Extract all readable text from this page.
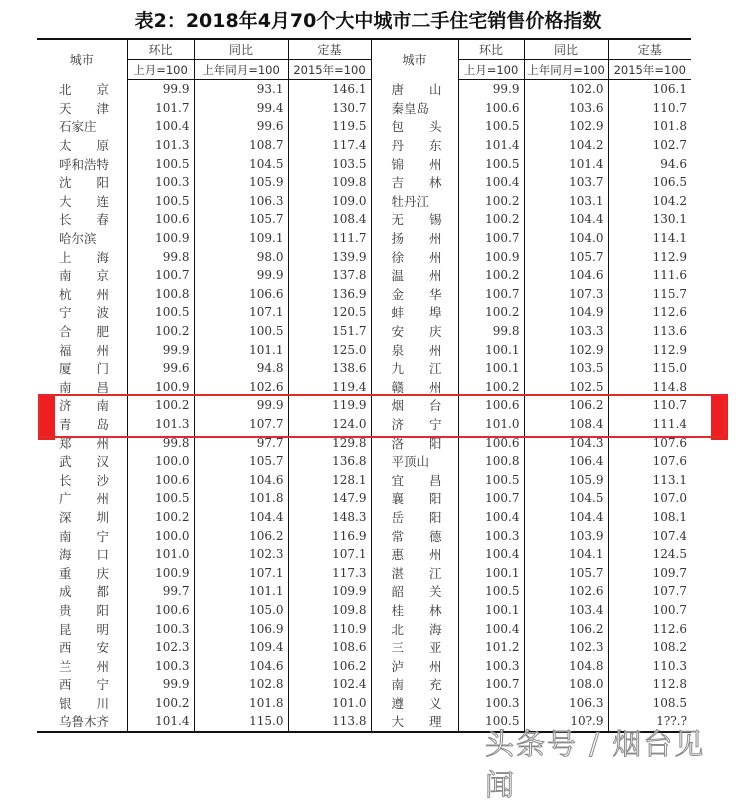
表2：2018年4月70个大中城市二手住宅销售价格指数
城市	环比	同比	定基	城市	环比	同比	定基
	上月=100	上年同月=100	2015年=100		上月=100	上年同月=100	2015年=100
北　　京	99.9	93.1	146.1	唐　　山	99.9	102.0	106.1
天　　津	101.7	99.4	130.7	秦皇岛	100.6	103.6	110.7
石家庄	100.4	99.6	119.5	包　　头	100.5	102.9	101.8
太　　原	101.3	108.7	117.4	丹　　东	101.4	104.2	102.7
呼和浩特	100.5	104.5	103.5	锦　　州	100.5	101.4	94.6
沈　　阳	100.3	105.9	109.8	吉　　林	100.4	103.7	106.5
大　　连	100.5	106.3	109.0	牡丹江	100.2	103.1	104.2
长　　春	100.6	105.7	108.4	无　　锡	100.2	104.4	130.1
哈尔滨	100.9	109.1	111.7	扬　　州	100.7	104.0	114.1
上　　海	99.8	98.0	139.9	徐　　州	100.9	105.7	112.9
南　　京	100.7	99.9	137.8	温　　州	100.2	104.6	111.6
杭　　州	100.8	106.6	136.9	金　　华	100.7	107.3	115.7
宁　　波	100.5	107.1	120.5	蚌　　埠	100.2	104.9	112.6
合　　肥	100.2	100.5	151.7	安　　庆	99.8	103.3	113.6
福　　州	99.9	101.1	125.0	泉　　州	100.1	102.9	112.9
厦　　门	99.6	94.8	138.6	九　　江	100.1	103.5	115.0
南　　昌	100.9	102.6	119.4	赣　　州	100.2	102.5	114.8
济　　南	100.2	99.9	119.9	烟　　台	100.6	106.2	110.7
青　　岛	101.3	107.7	124.0	济　　宁	101.0	108.4	111.4
郑　　州	99.8	97.7	129.8	洛　　阳	100.6	104.3	107.6
武　　汉	100.0	105.7	136.8	平顶山	100.8	106.4	107.6
长　　沙	100.6	104.6	128.1	宜　　昌	100.5	105.9	113.1
广　　州	100.5	101.8	147.9	襄　　阳	100.7	104.5	107.0
深　　圳	100.2	104.4	148.3	岳　　阳	100.4	104.4	108.1
南　　宁	100.0	106.2	116.9	常　　德	100.3	103.9	107.4
海　　口	101.0	102.3	107.1	惠　　州	100.4	104.1	124.5
重　　庆	100.9	107.1	117.3	湛　　江	100.1	105.7	109.7
成　　都	99.7	101.1	109.9	韶　　关	100.5	102.6	107.7
贵　　阳	100.6	105.0	109.8	桂　　林	100.1	103.4	100.7
昆　　明	100.3	106.9	110.9	北　　海	100.4	106.2	112.6
西　　安	102.3	109.4	108.6	三　　亚	101.2	102.3	108.2
兰　　州	100.3	104.6	106.2	泸　　州	100.3	104.8	110.3
西　　宁	99.9	102.8	102.4	南　　充	100.7	108.0	112.8
银　　川	100.2	101.8	101.0	遵　　义	100.3	106.3	108.5
乌鲁木齐	101.4	115.0	113.8	大　　理	100.5	10?.9	1??.?
头条号 / 烟台见闻
